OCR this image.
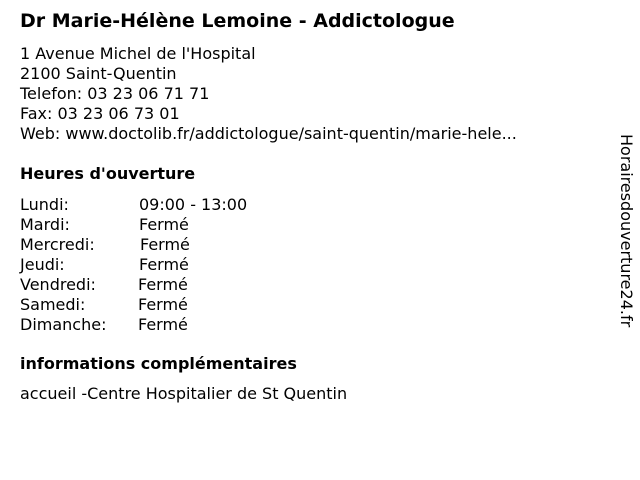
Dr Marie-Hélène Lemoine - Addictologue
1 Avenue Michel de l'Hospital
2100 Saint-Quentin
Telefon: 03 23 06 71 71
Fax: 03 23 06 73 01
Web: www.doctolib.fr/addictologue/saint-quentin/marie-hele...
Heures d'ouverture
Lundi:	09:00 - 13:00
Mardi:	Fermé
Mercredi:	Fermé
Jeudi:	Fermé
Vendredi:	Fermé
Samedi:	Fermé
Dimanche: Fermé
informations complémentaires
accueil -Centre Hospitalier de St Quentin
Horairesdouverture24.fr
